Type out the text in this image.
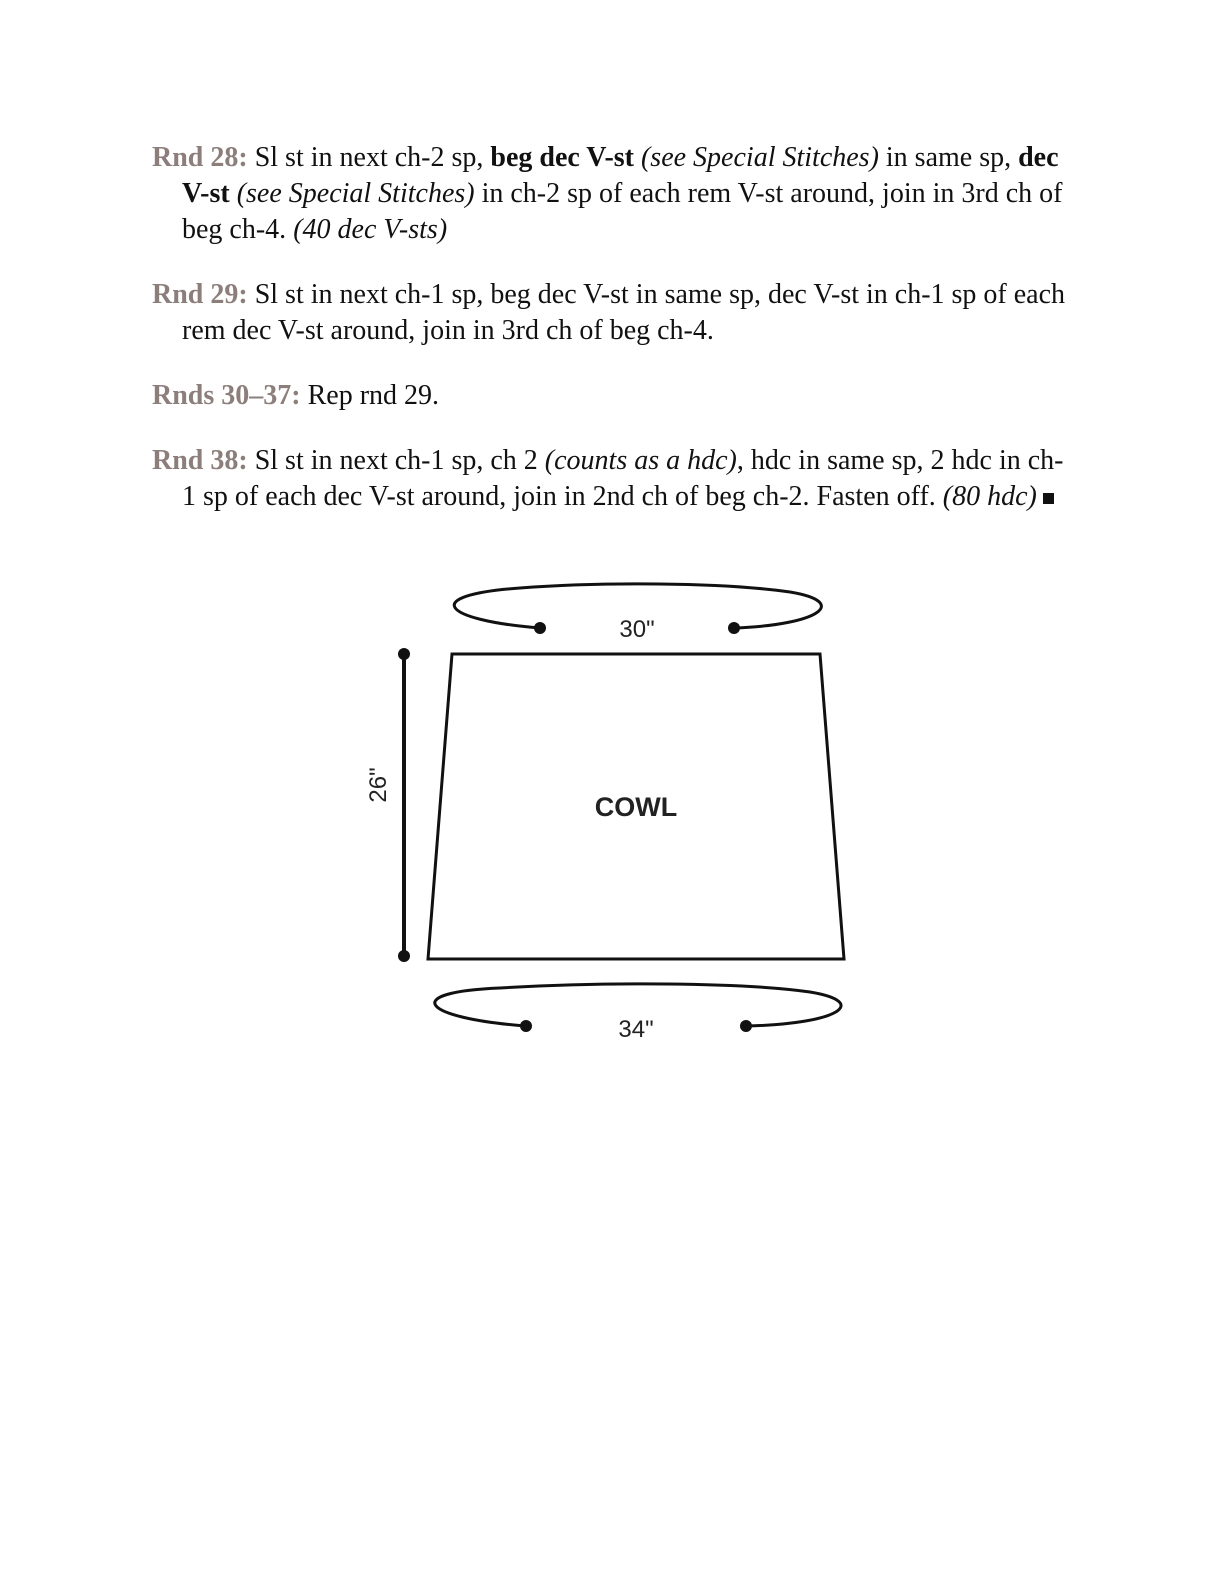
Rnd 28: Sl st in next ch-2 sp, beg dec V-st (see Special Stitches) in same sp, dec V-st (see Special Stitches) in ch-2 sp of each rem V-st around, join in 3rd ch of beg ch-4. (40 dec V-sts)

Rnd 29: Sl st in next ch-1 sp, beg dec V-st in same sp, dec V-st in ch-1 sp of each rem dec V-st around, join in 3rd ch of beg ch-4.

Rnds 30–37: Rep rnd 29.

Rnd 38: Sl st in next ch-1 sp, ch 2 (counts as a hdc), hdc in same sp, 2 hdc in ch-1 sp of each dec V-st around, join in 2nd ch of beg ch-2. Fasten off. (80 hdc)

30"
COWL
26"
34"
